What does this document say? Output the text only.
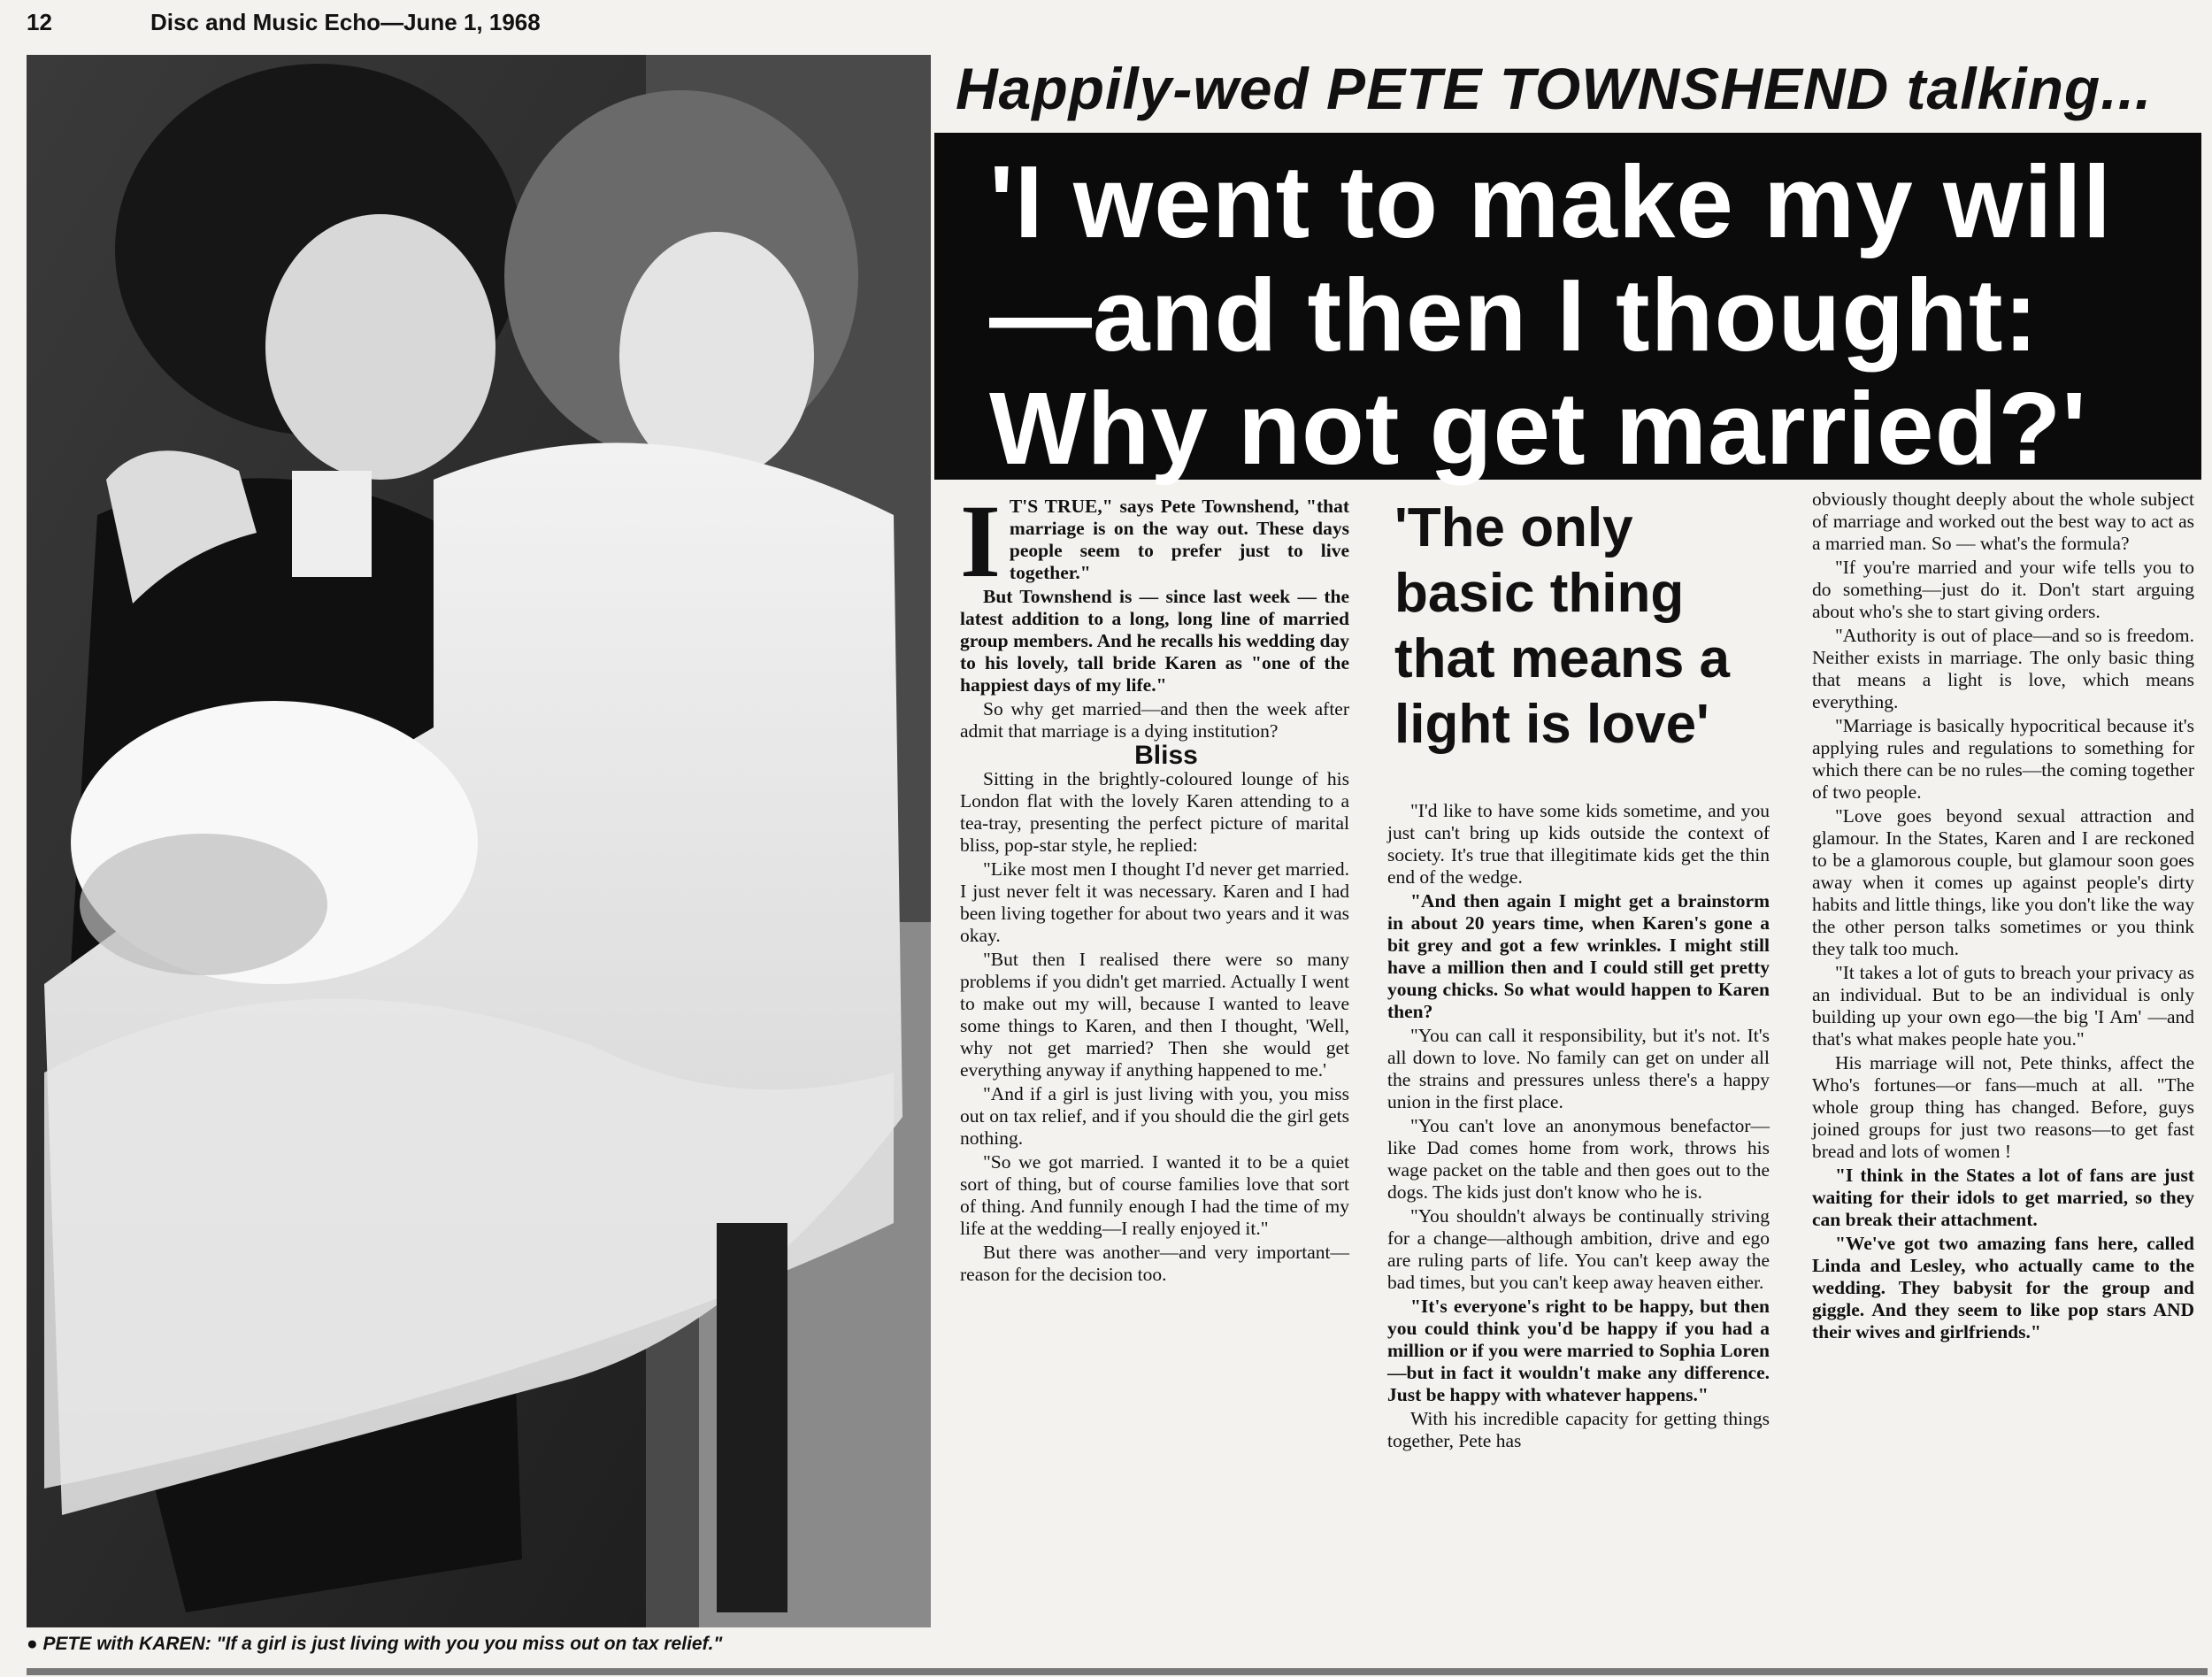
12	Disc and Music Echo—June 1, 1968
● PETE with KAREN: "If a girl is just living with you you miss out on tax relief."
Happily-wed PETE TOWNSHEND talking...
'I went to make my will
—and then I thought:
Why not get married?'

I T'S TRUE," says Pete Townshend, "that marriage is on the way out. These days people seem to prefer just to live together."

But Townshend is — since last week — the latest addition to a long, long line of married group members. And he recalls his wedding day to his lovely, tall bride Karen as "one of the happiest days of my life."

So why get married—and then the week after admit that marriage is a dying institution?

Bliss

Sitting in the brightly-coloured lounge of his London flat with the lovely Karen attending to a tea-tray, presenting the perfect picture of marital bliss, pop-star style, he replied:

"Like most men I thought I'd never get married. I just never felt it was necessary. Karen and I had been living together for about two years and it was okay.

"But then I realised there were so many problems if you didn't get married. Actually I went to make out my will, because I wanted to leave some things to Karen, and then I thought, 'Well, why not get married? Then she would get everything anyway if anything happened to me.'

"And if a girl is just living with you, you miss out on tax relief, and if you should die the girl gets nothing.

"So we got married. I wanted it to be a quiet sort of thing, but of course families love that sort of thing. And funnily enough I had the time of my life at the wedding—I really enjoyed it."

But there was another—and very important—reason for the decision too.

'The only basic thing that means a light is love'

"I'd like to have some kids sometime, and you just can't bring up kids outside the context of society. It's true that illegitimate kids get the thin end of the wedge.

"And then again I might get a brainstorm in about 20 years time, when Karen's gone a bit grey and got a few wrinkles. I might still have a million then and I could still get pretty young chicks. So what would happen to Karen then?

"You can call it responsibility, but it's not. It's all down to love. No family can get on under all the strains and pressures unless there's a happy union in the first place.

"You can't love an anonymous benefactor—like Dad comes home from work, throws his wage packet on the table and then goes out to the dogs. The kids just don't know who he is.

"You shouldn't always be continually striving for a change—although ambition, drive and ego are ruling parts of life. You can't keep away the bad times, but you can't keep away heaven either.

"It's everyone's right to be happy, but then you could think you'd be happy if you had a million or if you were married to Sophia Loren—but in fact it wouldn't make any difference. Just be happy with whatever happens."

With his incredible capacity for getting things together, Pete has

obviously thought deeply about the whole subject of marriage and worked out the best way to act as a married man. So — what's the formula?

"If you're married and your wife tells you to do something—just do it. Don't start arguing about who's she to start giving orders.

"Authority is out of place—and so is freedom. Neither exists in marriage. The only basic thing that means a light is love, which means everything.

"Marriage is basically hypocritical because it's applying rules and regulations to something for which there can be no rules—the coming together of two people.

"Love goes beyond sexual attraction and glamour. In the States, Karen and I are reckoned to be a glamorous couple, but glamour soon goes away when it comes up against people's dirty habits and little things, like you don't like the way the other person talks sometimes or you think they talk too much.

"It takes a lot of guts to breach your privacy as an individual. But to be an individual is only building up your own ego—the big 'I Am' —and that's what makes people hate you."

His marriage will not, Pete thinks, affect the Who's fortunes—or fans—much at all. "The whole group thing has changed. Before, guys joined groups for just two reasons—to get fast bread and lots of women !

"I think in the States a lot of fans are just waiting for their idols to get married, so they can break their attachment.

"We've got two amazing fans here, called Linda and Lesley, who actually came to the wedding. They babysit for the group and giggle. And they seem to like pop stars AND their wives and girlfriends."
